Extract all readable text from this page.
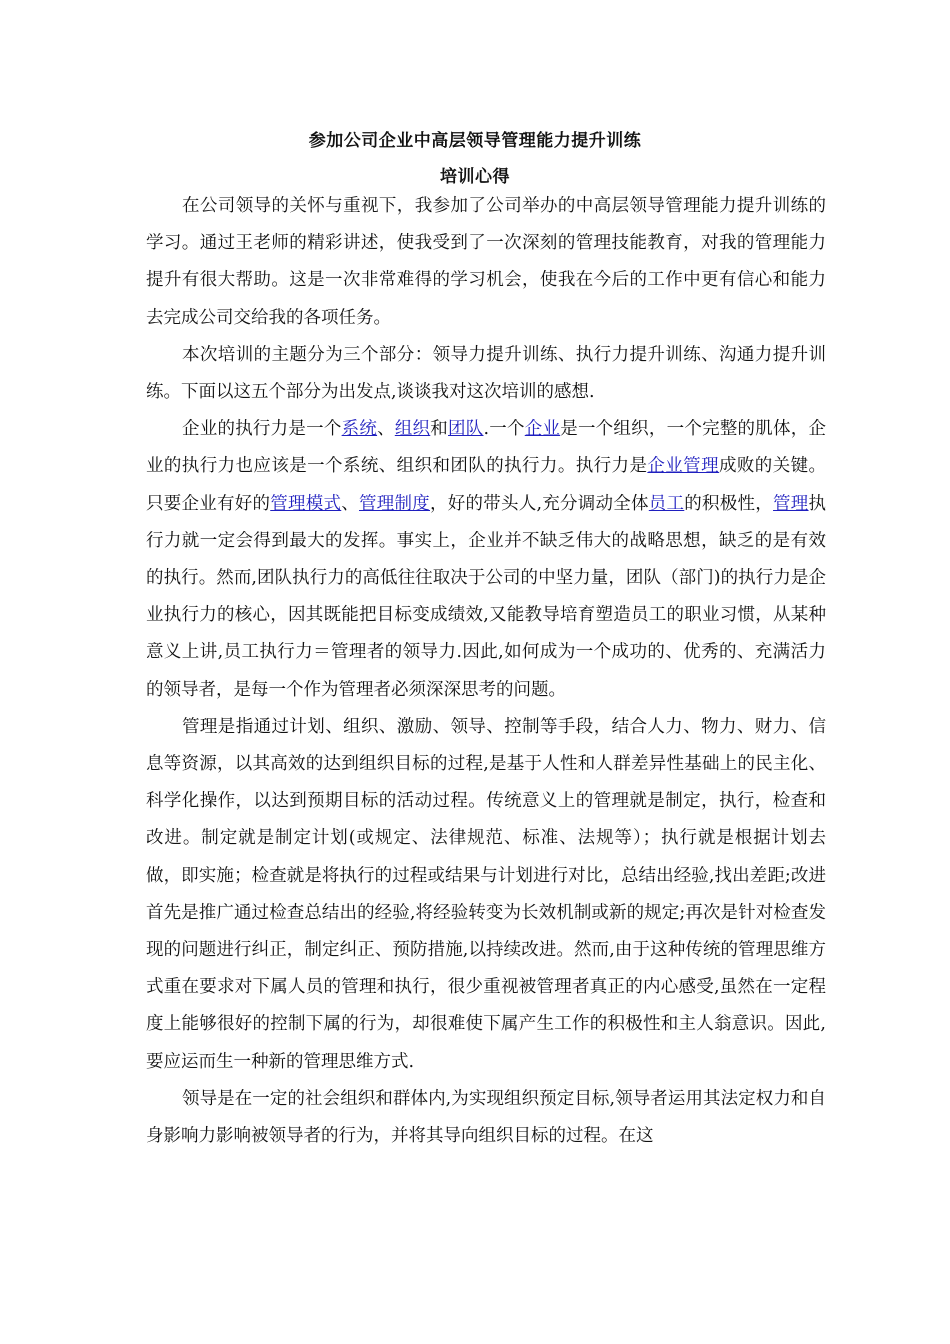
参加公司企业中高层领导管理能力提升训练
培训心得

在公司领导的关怀与重视下，我参加了公司举办的中高层领导管理能力提升训练的学习。通过王老师的精彩讲述，使我受到了一次深刻的管理技能教育，对我的管理能力提升有很大帮助。这是一次非常难得的学习机会，使我在今后的工作中更有信心和能力去完成公司交给我的各项任务。

本次培训的主题分为三个部分：领导力提升训练、执行力提升训练、沟通力提升训练。下面以这五个部分为出发点,谈谈我对这次培训的感想.

企业的执行力是一个系统、组织和团队.一个企业是一个组织，一个完整的肌体，企业的执行力也应该是一个系统、组织和团队的执行力。执行力是企业管理成败的关键。只要企业有好的管理模式、管理制度，好的带头人,充分调动全体员工的积极性，管理执行力就一定会得到最大的发挥。事实上，企业并不缺乏伟大的战略思想，缺乏的是有效的执行。然而,团队执行力的高低往往取决于公司的中坚力量，团队（部门)的执行力是企业执行力的核心，因其既能把目标变成绩效,又能教导培育塑造员工的职业习惯，从某种意义上讲,员工执行力＝管理者的领导力.因此,如何成为一个成功的、优秀的、充满活力的领导者，是每一个作为管理者必须深深思考的问题。

管理是指通过计划、组织、激励、领导、控制等手段，结合人力、物力、财力、信息等资源，以其高效的达到组织目标的过程,是基于人性和人群差异性基础上的民主化、科学化操作，以达到预期目标的活动过程。传统意义上的管理就是制定，执行，检查和改进。制定就是制定计划(或规定、法律规范、标准、法规等）；执行就是根据计划去做，即实施；检查就是将执行的过程或结果与计划进行对比，总结出经验,找出差距;改进首先是推广通过检查总结出的经验,将经验转变为长效机制或新的规定;再次是针对检查发现的问题进行纠正，制定纠正、预防措施,以持续改进。然而,由于这种传统的管理思维方式重在要求对下属人员的管理和执行，很少重视被管理者真正的内心感受,虽然在一定程度上能够很好的控制下属的行为，却很难使下属产生工作的积极性和主人翁意识。因此,要应运而生一种新的管理思维方式.

领导是在一定的社会组织和群体内,为实现组织预定目标,领导者运用其法定权力和自身影响力影响被领导者的行为，并将其导向组织目标的过程。在这
